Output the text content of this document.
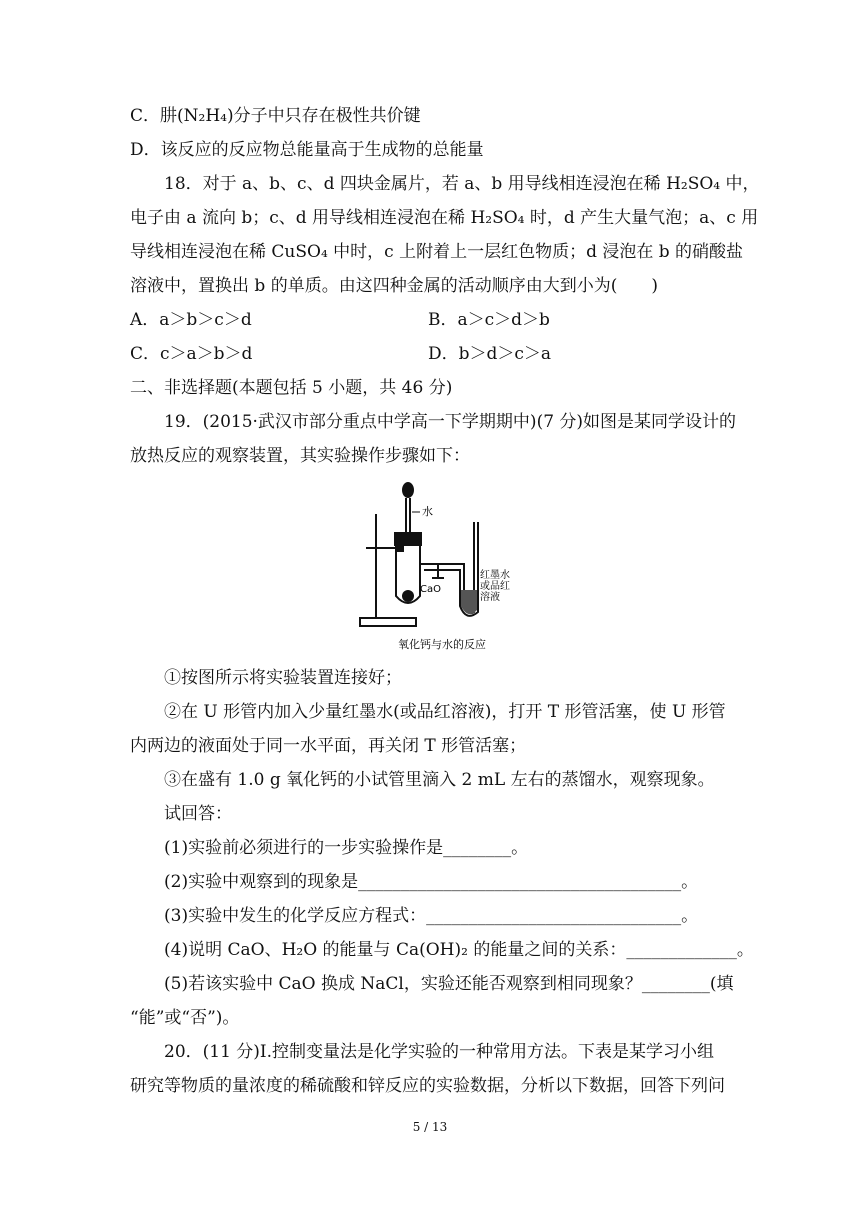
C．肼(N₂H₄)分子中只存在极性共价键
D．该反应的反应物总能量高于生成物的总能量
18．对于 a、b、c、d 四块金属片，若 a、b 用导线相连浸泡在稀 H₂SO₄ 中，
电子由 a 流向 b；c、d 用导线相连浸泡在稀 H₂SO₄ 时，d 产生大量气泡；a、c 用
导线相连浸泡在稀 CuSO₄ 中时，c 上附着上一层红色物质；d 浸泡在 b 的硝酸盐
溶液中，置换出 b 的单质。由这四种金属的活动顺序由大到小为(　　)
A．a＞b＞c＞d	B．a＞c＞d＞b
C．c＞a＞b＞d	D．b＞d＞c＞a
二、非选择题(本题包括 5 小题，共 46 分)
19．(2015·武汉市部分重点中学高一下学期期中)(7 分)如图是某同学设计的
放热反应的观察装置，其实验操作步骤如下：
水
CaO
红墨水
或品红
溶液
氧化钙与水的反应
①按图所示将实验装置连接好；
②在 U 形管内加入少量红墨水(或品红溶液)，打开 T 形管活塞，使 U 形管
内两边的液面处于同一水平面，再关闭 T 形管活塞；
③在盛有 1.0 g 氧化钙的小试管里滴入 2 mL 左右的蒸馏水，观察现象。
试回答：
(1)实验前必须进行的一步实验操作是________。
(2)实验中观察到的现象是______________________________________。
(3)实验中发生的化学反应方程式：______________________________。
(4)说明 CaO、H₂O 的能量与 Ca(OH)₂ 的能量之间的关系：_____________。
(5)若该实验中 CaO 换成 NaCl，实验还能否观察到相同现象？________(填
“能”或“否”)。
20．(11 分)Ⅰ.控制变量法是化学实验的一种常用方法。下表是某学习小组
研究等物质的量浓度的稀硫酸和锌反应的实验数据，分析以下数据，回答下列问
5 / 13
